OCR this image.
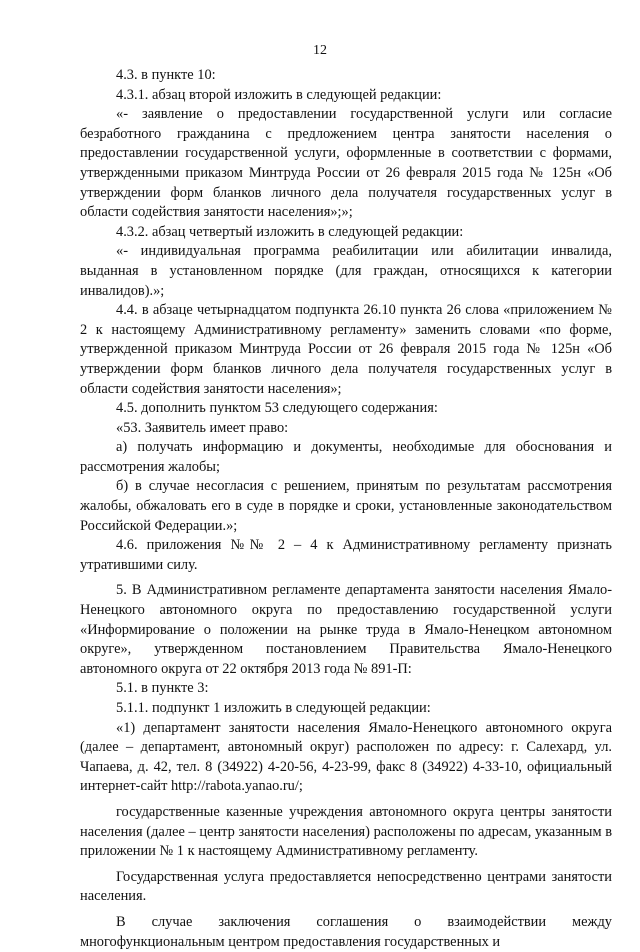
12

4.3. в пункте 10:

4.3.1. абзац второй изложить в следующей редакции:

«- заявление о предоставлении государственной услуги или согласие безработного гражданина с предложением центра занятости населения о предоставлении государственной услуги, оформленные в соответствии с формами, утвержденными приказом Минтруда России от 26 февраля 2015 года № 125н «Об утверждении форм бланков личного дела получателя государственных услуг в области содействия занятости населения»;»;

4.3.2. абзац четвертый изложить в следующей редакции:

«- индивидуальная программа реабилитации или абилитации инвалида, выданная в установленном порядке (для граждан, относящихся к категории инвалидов).»;

4.4. в абзаце четырнадцатом подпункта 26.10 пункта 26 слова «приложением № 2 к настоящему Административному регламенту» заменить словами «по форме, утвержденной приказом Минтруда России от 26 февраля 2015 года № 125н «Об утверждении форм бланков личного дела получателя государственных услуг в области содействия занятости населения»;

4.5. дополнить пунктом 53 следующего содержания:

«53. Заявитель имеет право:

а) получать информацию и документы, необходимые для обоснования и рассмотрения жалобы;

б) в случае несогласия с решением, принятым по результатам рассмотрения жалобы, обжаловать его в суде в порядке и сроки, установленные законодательством Российской Федерации.»;

4.6. приложения №№ 2 – 4 к Административному регламенту признать утратившими силу.

5. В Административном регламенте департамента занятости населения Ямало-Ненецкого автономного округа по предоставлению государственной услуги «Информирование о положении на рынке труда в Ямало-Ненецком автономном округе», утвержденном постановлением Правительства Ямало-Ненецкого автономного округа от 22 октября 2013 года № 891-П:

5.1. в пункте 3:

5.1.1. подпункт 1 изложить в следующей редакции:

«1) департамент занятости населения Ямало-Ненецкого автономного округа (далее – департамент, автономный округ) расположен по адресу: г. Салехард, ул. Чапаева, д. 42, тел. 8 (34922) 4-20-56, 4-23-99, факс 8 (34922) 4-33-10, официальный интернет-сайт http://rabota.yanao.ru/;

государственные казенные учреждения автономного округа центры занятости населения (далее – центр занятости населения) расположены по адресам, указанным в приложении № 1 к настоящему Административному регламенту.

Государственная услуга предоставляется непосредственно центрами занятости населения.

В случае заключения соглашения о взаимодействии между многофункциональным центром предоставления государственных и
